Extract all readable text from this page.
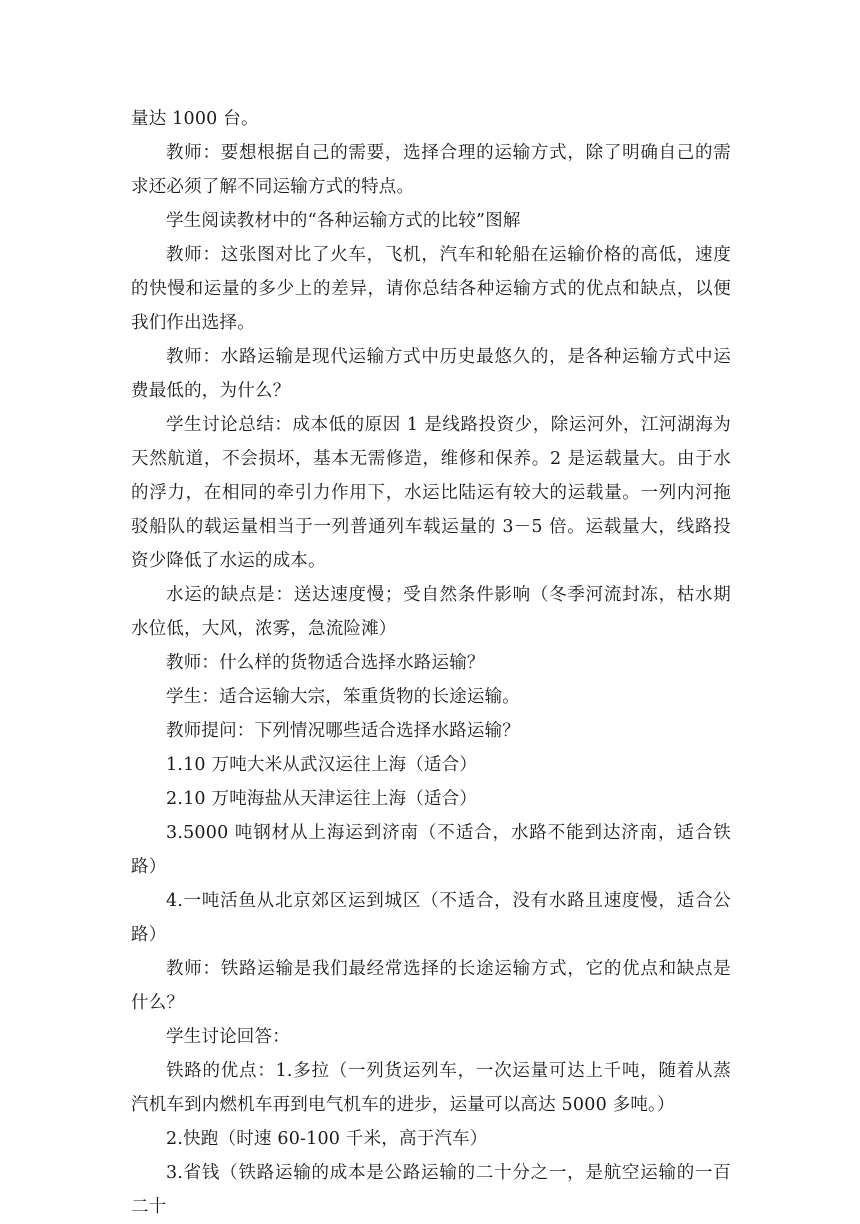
量达 1000 台。

教师：要想根据自己的需要，选择合理的运输方式，除了明确自己的需求还必须了解不同运输方式的特点。

学生阅读教材中的“各种运输方式的比较”图解

教师：这张图对比了火车，飞机，汽车和轮船在运输价格的高低，速度的快慢和运量的多少上的差异，请你总结各种运输方式的优点和缺点，以便我们作出选择。

教师：水路运输是现代运输方式中历史最悠久的，是各种运输方式中运费最低的，为什么？

学生讨论总结：成本低的原因 1 是线路投资少，除运河外，江河湖海为天然航道，不会损坏，基本无需修造，维修和保养。2 是运载量大。由于水的浮力，在相同的牵引力作用下，水运比陆运有较大的运载量。一列内河拖驳船队的载运量相当于一列普通列车载运量的 3－5 倍。运载量大，线路投资少降低了水运的成本。

水运的缺点是：送达速度慢；受自然条件影响（冬季河流封冻，枯水期水位低，大风，浓雾，急流险滩）

教师：什么样的货物适合选择水路运输？

学生：适合运输大宗，笨重货物的长途运输。

教师提问：下列情况哪些适合选择水路运输？

1.10 万吨大米从武汉运往上海（适合）

2.10 万吨海盐从天津运往上海（适合）

3.5000 吨钢材从上海运到济南（不适合，水路不能到达济南，适合铁路）

4.一吨活鱼从北京郊区运到城区（不适合，没有水路且速度慢，适合公路）

教师：铁路运输是我们最经常选择的长途运输方式，它的优点和缺点是什么？

学生讨论回答：

铁路的优点：1.多拉（一列货运列车，一次运量可达上千吨，随着从蒸汽机车到内燃机车再到电气机车的进步，运量可以高达 5000 多吨。）

2.快跑（时速 60-100 千米，高于汽车）

3.省钱（铁路运输的成本是公路运输的二十分之一，是航空运输的一百二十
